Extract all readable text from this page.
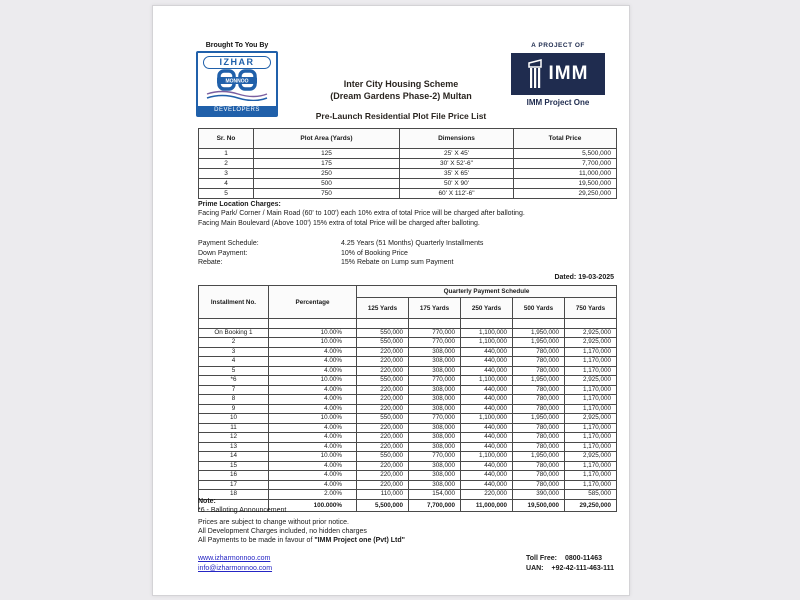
Brought To You By
IZHAR
MONNOO
DEVELOPERS
Inter City Housing Scheme
(Dream Gardens Phase-2) Multan
Pre-Launch Residential Plot File Price List
A PROJECT OF
IMM
IMM Project One
Sr. No	Plot Area (Yards)	Dimensions	Total Price
1	125	25' X 45'	5,500,000
2	175	30' X 52'-6"	7,700,000
3	250	35' X 65'	11,000,000
4	500	50' X 90'	19,500,000
5	750	60' X 112'-6"	29,250,000
Prime Location Charges:
Facing Park/ Corner / Main Road (60' to 100') each 10% extra of total Price will be charged after balloting.
Facing Main Boulevard (Above 100') 15% extra of total Price will be charged after balloting.
Payment Schedule:	4.25 Years (51 Months) Quarterly Installments
Down Payment:	10% of Booking Price
Rebate:	15% Rebate on Lump sum Payment
Dated: 19-03-2025
Installment No.	Percentage	Quarterly Payment Schedule				
		125 Yards	175 Yards	250 Yards	500 Yards	750 Yards

On Booking 1	10.00%	550,000	770,000	1,100,000	1,950,000	2,925,000
2	10.00%	550,000	770,000	1,100,000	1,950,000	2,925,000
3	4.00%	220,000	308,000	440,000	780,000	1,170,000
4	4.00%	220,000	308,000	440,000	780,000	1,170,000
5	4.00%	220,000	308,000	440,000	780,000	1,170,000
*6	10.00%	550,000	770,000	1,100,000	1,950,000	2,925,000
7	4.00%	220,000	308,000	440,000	780,000	1,170,000
8	4.00%	220,000	308,000	440,000	780,000	1,170,000
9	4.00%	220,000	308,000	440,000	780,000	1,170,000
10	10.00%	550,000	770,000	1,100,000	1,950,000	2,925,000
11	4.00%	220,000	308,000	440,000	780,000	1,170,000
12	4.00%	220,000	308,000	440,000	780,000	1,170,000
13	4.00%	220,000	308,000	440,000	780,000	1,170,000
14	10.00%	550,000	770,000	1,100,000	1,950,000	2,925,000
15	4.00%	220,000	308,000	440,000	780,000	1,170,000
16	4.00%	220,000	308,000	440,000	780,000	1,170,000
17	4.00%	220,000	308,000	440,000	780,000	1,170,000
18	2.00%	110,000	154,000	220,000	390,000	585,000
	100.000%	5,500,000	7,700,000	11,000,000	19,500,000	29,250,000
Note:
*6 - Balloting Announcement
Prices are subject to change without prior notice.
All Development Charges included, no hidden charges
All Payments to be made in favour of "IMM Project one (Pvt) Ltd"
www.izharmonnoo.com
info@izharmonnoo.com
Toll Free: 0800-11463
UAN: +92-42-111-463-111
